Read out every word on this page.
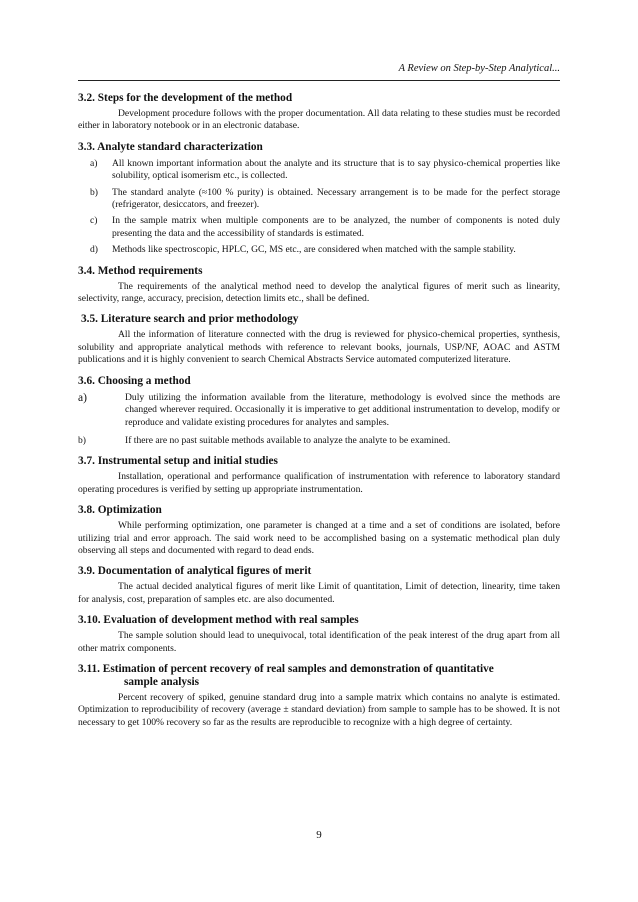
A Review on Step-by-Step Analytical...
3.2. Steps for the development of the method

Development procedure follows with the proper documentation. All data relating to these studies must be recorded either in laboratory notebook or in an electronic database.

3.3. Analyte standard characterization
a) All known important information about the analyte and its structure that is to say physico-chemical properties like solubility, optical isomerism etc., is collected.
b) The standard analyte (≈100 % purity) is obtained. Necessary arrangement is to be made for the perfect storage (refrigerator, desiccators, and freezer).
c) In the sample matrix when multiple components are to be analyzed, the number of components is noted duly presenting the data and the accessibility of standards is estimated.
d) Methods like spectroscopic, HPLC, GC, MS etc., are considered when matched with the sample stability.
3.4. Method requirements

The requirements of the analytical method need to develop the analytical figures of merit such as linearity, selectivity, range, accuracy, precision, detection limits etc., shall be defined.

3.5. Literature search and prior methodology

All the information of literature connected with the drug is reviewed for physico-chemical properties, synthesis, solubility and appropriate analytical methods with reference to relevant books, journals, USP/NF, AOAC and ASTM publications and it is highly convenient to search Chemical Abstracts Service automated computerized literature.

3.6. Choosing a method
a)	Duly utilizing the information available from the literature, methodology is evolved since the methods are changed wherever required. Occasionally it is imperative to get additional instrumentation to develop, modify or reproduce and validate existing procedures for analytes and samples.
b)	If there are no past suitable methods available to analyze the analyte to be examined.
3.7. Instrumental setup and initial studies

Installation, operational and performance qualification of instrumentation with reference to laboratory standard operating procedures is verified by setting up appropriate instrumentation.

3.8. Optimization

While performing optimization, one parameter is changed at a time and a set of conditions are isolated, before utilizing trial and error approach. The said work need to be accomplished basing on a systematic methodical plan duly observing all steps and documented with regard to dead ends.

3.9. Documentation of analytical figures of merit

The actual decided analytical figures of merit like Limit of quantitation, Limit of detection, linearity, time taken for analysis, cost, preparation of samples etc. are also documented.

3.10. Evaluation of development method with real samples

The sample solution should lead to unequivocal, total identification of the peak interest of the drug apart from all other matrix components.

3.11. Estimation of percent recovery of real samples and demonstration of quantitative
sample analysis

Percent recovery of spiked, genuine standard drug into a sample matrix which contains no analyte is estimated. Optimization to reproducibility of recovery (average ± standard deviation) from sample to sample has to be showed. It is not necessary to get 100% recovery so far as the results are reproducible to recognize with a high degree of certainty.

9
